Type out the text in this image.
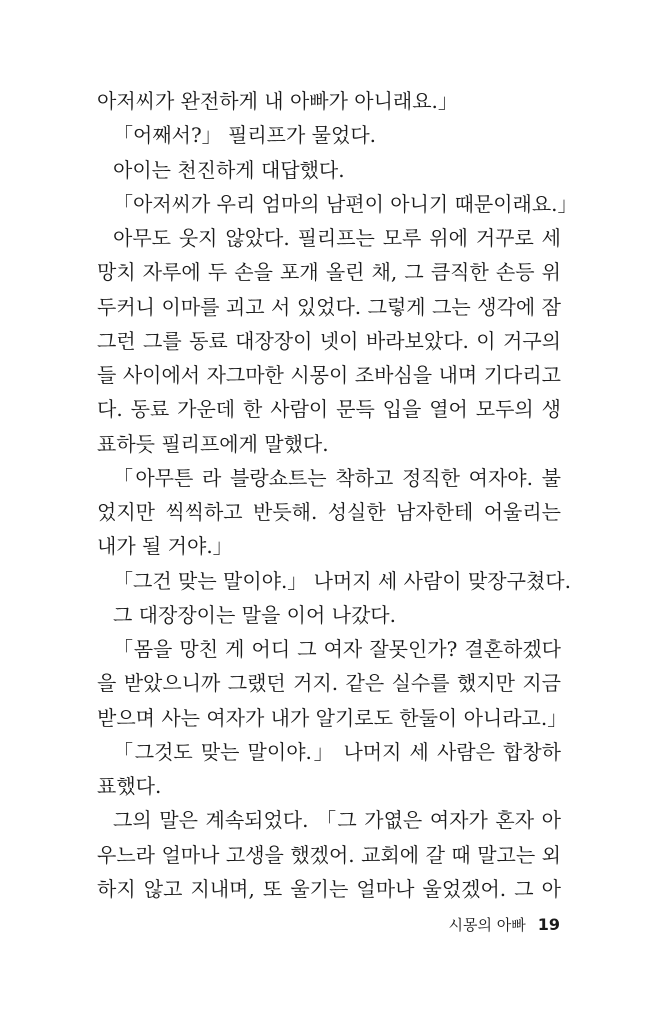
아저씨가 완전하게 내 아빠가 아니래요.」
「어째서?」 필리프가 물었다.
아이는 천진하게 대답했다.
「아저씨가 우리 엄마의 남편이 아니기 때문이래요.」
아무도 웃지 않았다. 필리프는 모루 위에 거꾸로 세
망치 자루에 두 손을 포개 올린 채, 그 큼직한 손등 위
두커니 이마를 괴고 서 있었다. 그렇게 그는 생각에 잠
그런 그를 동료 대장장이 넷이 바라보았다. 이 거구의
들 사이에서 자그마한 시몽이 조바심을 내며 기다리고
다. 동료 가운데 한 사람이 문득 입을 열어 모두의 생
표하듯 필리프에게 말했다.
「아무튼 라 블랑쇼트는 착하고 정직한 여자야. 불
었지만 씩씩하고 반듯해. 성실한 남자한테 어울리는
내가 될 거야.」
「그건 맞는 말이야.」 나머지 세 사람이 맞장구쳤다.
그 대장장이는 말을 이어 나갔다.
「몸을 망친 게 어디 그 여자 잘못인가? 결혼하겠다
을 받았으니까 그랬던 거지. 같은 실수를 했지만 지금
받으며 사는 여자가 내가 알기로도 한둘이 아니라고.」
「그것도 맞는 말이야.」 나머지 세 사람은 합창하
표했다.
그의 말은 계속되었다. 「그 가엾은 여자가 혼자 아
우느라 얼마나 고생을 했겠어. 교회에 갈 때 말고는 외
하지 않고 지내며, 또 울기는 얼마나 울었겠어. 그 아
시몽의 아빠 19
